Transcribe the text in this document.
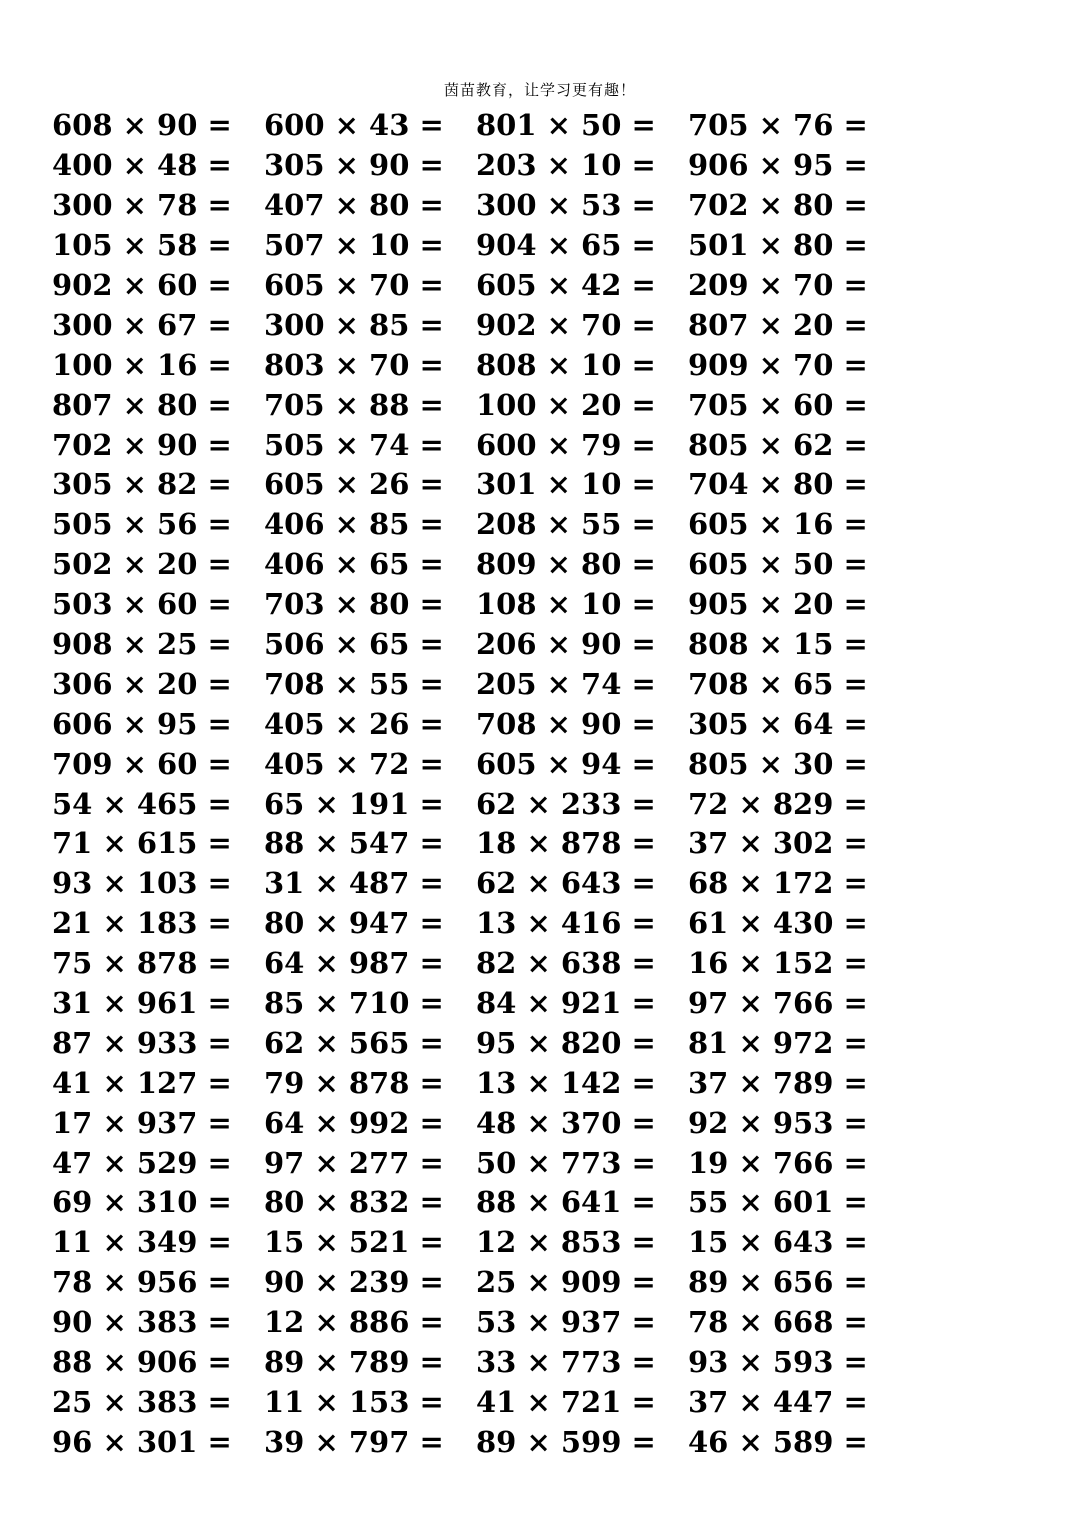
茵苗教育，让学习更有趣！
608 × 90 =	600 × 43 =	801 × 50 =	705 × 76 =
400 × 48 =	305 × 90 =	203 × 10 =	906 × 95 =
300 × 78 =	407 × 80 =	300 × 53 =	702 × 80 =
105 × 58 =	507 × 10 =	904 × 65 =	501 × 80 =
902 × 60 =	605 × 70 =	605 × 42 =	209 × 70 =
300 × 67 =	300 × 85 =	902 × 70 =	807 × 20 =
100 × 16 =	803 × 70 =	808 × 10 =	909 × 70 =
807 × 80 =	705 × 88 =	100 × 20 =	705 × 60 =
702 × 90 =	505 × 74 =	600 × 79 =	805 × 62 =
305 × 82 =	605 × 26 =	301 × 10 =	704 × 80 =
505 × 56 =	406 × 85 =	208 × 55 =	605 × 16 =
502 × 20 =	406 × 65 =	809 × 80 =	605 × 50 =
503 × 60 =	703 × 80 =	108 × 10 =	905 × 20 =
908 × 25 =	506 × 65 =	206 × 90 =	808 × 15 =
306 × 20 =	708 × 55 =	205 × 74 =	708 × 65 =
606 × 95 =	405 × 26 =	708 × 90 =	305 × 64 =
709 × 60 =	405 × 72 =	605 × 94 =	805 × 30 =
54 × 465 =	65 × 191 =	62 × 233 =	72 × 829 =
71 × 615 =	88 × 547 =	18 × 878 =	37 × 302 =
93 × 103 =	31 × 487 =	62 × 643 =	68 × 172 =
21 × 183 =	80 × 947 =	13 × 416 =	61 × 430 =
75 × 878 =	64 × 987 =	82 × 638 =	16 × 152 =
31 × 961 =	85 × 710 =	84 × 921 =	97 × 766 =
87 × 933 =	62 × 565 =	95 × 820 =	81 × 972 =
41 × 127 =	79 × 878 =	13 × 142 =	37 × 789 =
17 × 937 =	64 × 992 =	48 × 370 =	92 × 953 =
47 × 529 =	97 × 277 =	50 × 773 =	19 × 766 =
69 × 310 =	80 × 832 =	88 × 641 =	55 × 601 =
11 × 349 =	15 × 521 =	12 × 853 =	15 × 643 =
78 × 956 =	90 × 239 =	25 × 909 =	89 × 656 =
90 × 383 =	12 × 886 =	53 × 937 =	78 × 668 =
88 × 906 =	89 × 789 =	33 × 773 =	93 × 593 =
25 × 383 =	11 × 153 =	41 × 721 =	37 × 447 =
96 × 301 =	39 × 797 =	89 × 599 =	46 × 589 =
